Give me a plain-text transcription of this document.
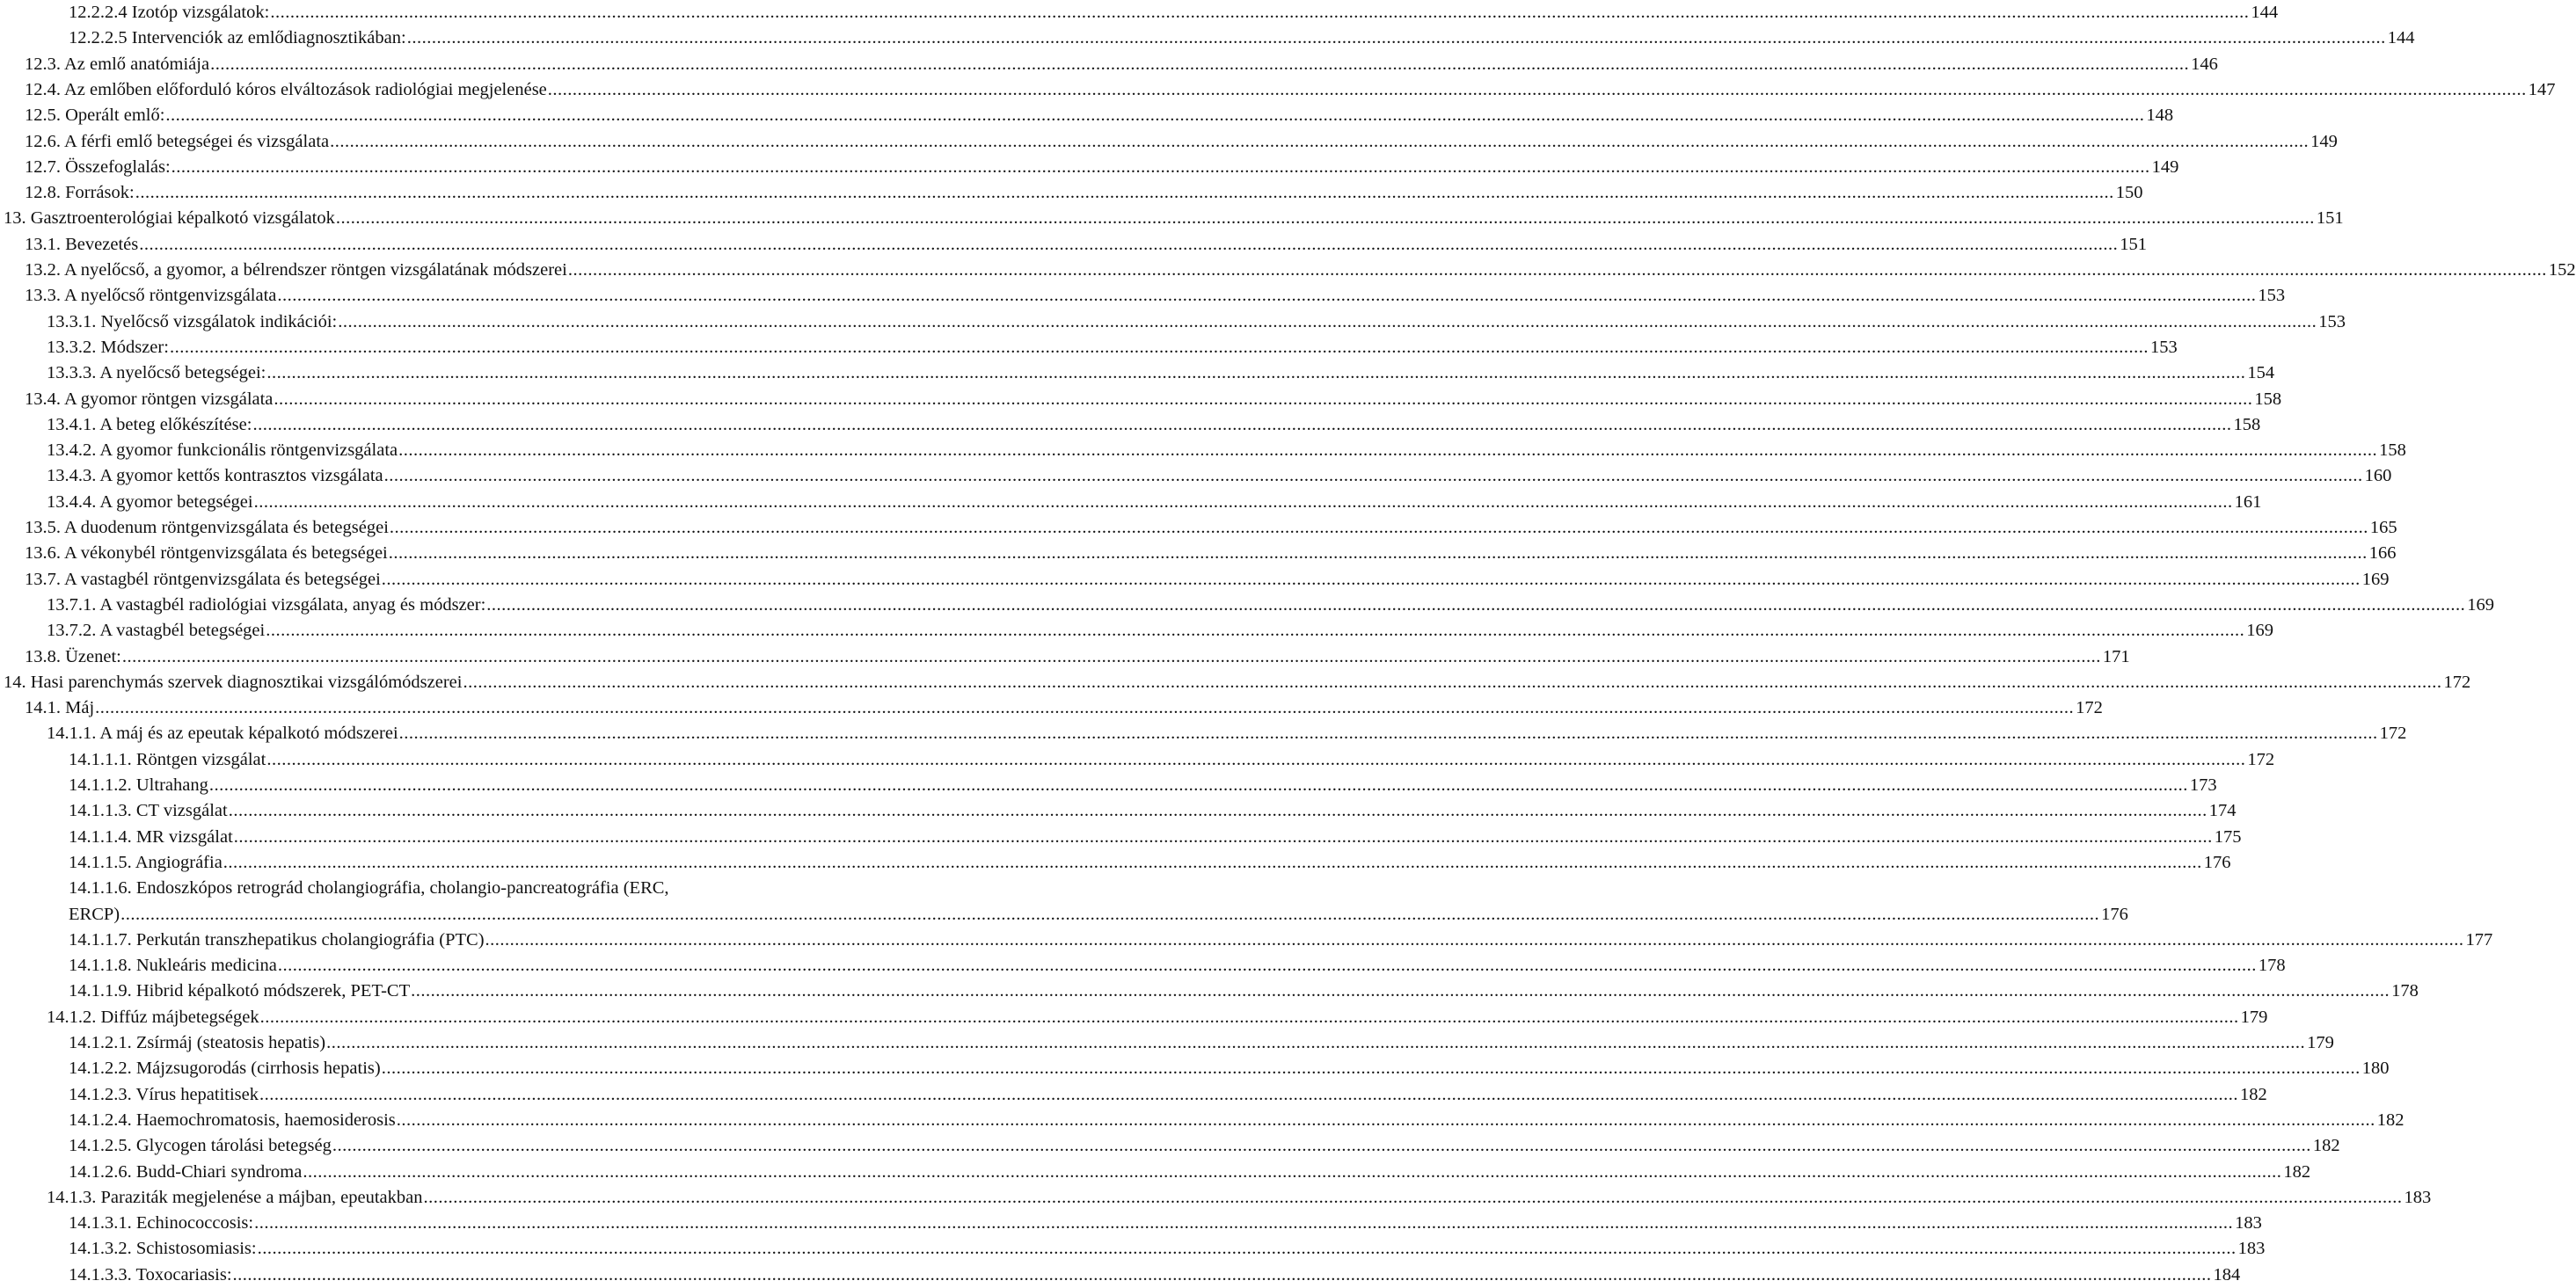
12.2.2.4 Izotóp vizsgálatok: ................................................................................................................................................................................................................................................................................................................................................................................................................ 144
12.2.2.5 Intervenciók az emlődiagnosztikában: ................................................................................................................................................................................................................................................................................................................................................................................................................ 144
12.3. Az emlő anatómiája ................................................................................................................................................................................................................................................................................................................................................................................................................ 146
12.4. Az emlőben előforduló kóros elváltozások radiológiai megjelenése ................................................................................................................................................................................................................................................................................................................................................................................................................ 147
12.5. Operált emlő: ................................................................................................................................................................................................................................................................................................................................................................................................................ 148
12.6. A férfi emlő betegségei és vizsgálata ................................................................................................................................................................................................................................................................................................................................................................................................................ 149
12.7. Összefoglalás: ................................................................................................................................................................................................................................................................................................................................................................................................................ 149
12.8. Források: ................................................................................................................................................................................................................................................................................................................................................................................................................ 150
13. Gasztroenterológiai képalkotó vizsgálatok ................................................................................................................................................................................................................................................................................................................................................................................................................ 151
13.1. Bevezetés ................................................................................................................................................................................................................................................................................................................................................................................................................ 151
13.2. A nyelőcső, a gyomor, a bélrendszer röntgen vizsgálatának módszerei ................................................................................................................................................................................................................................................................................................................................................................................................................ 152
13.3. A nyelőcső röntgenvizsgálata ................................................................................................................................................................................................................................................................................................................................................................................................................ 153
13.3.1. Nyelőcső vizsgálatok indikációi: ................................................................................................................................................................................................................................................................................................................................................................................................................ 153
13.3.2. Módszer: ................................................................................................................................................................................................................................................................................................................................................................................................................ 153
13.3.3. A nyelőcső betegségei: ................................................................................................................................................................................................................................................................................................................................................................................................................ 154
13.4. A gyomor röntgen vizsgálata ................................................................................................................................................................................................................................................................................................................................................................................................................ 158
13.4.1. A beteg előkészítése: ................................................................................................................................................................................................................................................................................................................................................................................................................ 158
13.4.2. A gyomor funkcionális röntgenvizsgálata ................................................................................................................................................................................................................................................................................................................................................................................................................ 158
13.4.3. A gyomor kettős kontrasztos vizsgálata ................................................................................................................................................................................................................................................................................................................................................................................................................ 160
13.4.4. A gyomor betegségei ................................................................................................................................................................................................................................................................................................................................................................................................................ 161
13.5. A duodenum röntgenvizsgálata és betegségei ................................................................................................................................................................................................................................................................................................................................................................................................................ 165
13.6. A vékonybél röntgenvizsgálata és betegségei ................................................................................................................................................................................................................................................................................................................................................................................................................ 166
13.7. A vastagbél röntgenvizsgálata és betegségei ................................................................................................................................................................................................................................................................................................................................................................................................................ 169
13.7.1. A vastagbél radiológiai vizsgálata, anyag és módszer: ................................................................................................................................................................................................................................................................................................................................................................................................................ 169
13.7.2. A vastagbél betegségei ................................................................................................................................................................................................................................................................................................................................................................................................................ 169
13.8. Üzenet: ................................................................................................................................................................................................................................................................................................................................................................................................................ 171
14. Hasi parenchymás szervek diagnosztikai vizsgálómódszerei ................................................................................................................................................................................................................................................................................................................................................................................................................ 172
14.1. Máj ................................................................................................................................................................................................................................................................................................................................................................................................................ 172
14.1.1. A máj és az epeutak képalkotó módszerei ................................................................................................................................................................................................................................................................................................................................................................................................................ 172
14.1.1.1. Röntgen vizsgálat ................................................................................................................................................................................................................................................................................................................................................................................................................ 172
14.1.1.2. Ultrahang ................................................................................................................................................................................................................................................................................................................................................................................................................ 173
14.1.1.3. CT vizsgálat ................................................................................................................................................................................................................................................................................................................................................................................................................ 174
14.1.1.4. MR vizsgálat ................................................................................................................................................................................................................................................................................................................................................................................................................ 175
14.1.1.5. Angiográfia ................................................................................................................................................................................................................................................................................................................................................................................................................ 176
14.1.1.6. Endoszkópos retrográd cholangiográfia, cholangio-pancreatográfia (ERC,
ERCP) ................................................................................................................................................................................................................................................................................................................................................................................................................ 176
14.1.1.7. Perkután transzhepatikus cholangiográfia (PTC) ................................................................................................................................................................................................................................................................................................................................................................................................................ 177
14.1.1.8. Nukleáris medicina ................................................................................................................................................................................................................................................................................................................................................................................................................ 178
14.1.1.9. Hibrid képalkotó módszerek, PET-CT ................................................................................................................................................................................................................................................................................................................................................................................................................ 178
14.1.2. Diffúz májbetegségek ................................................................................................................................................................................................................................................................................................................................................................................................................ 179
14.1.2.1. Zsírmáj (steatosis hepatis) ................................................................................................................................................................................................................................................................................................................................................................................................................ 179
14.1.2.2. Májzsugorodás (cirrhosis hepatis) ................................................................................................................................................................................................................................................................................................................................................................................................................ 180
14.1.2.3. Vírus hepatitisek ................................................................................................................................................................................................................................................................................................................................................................................................................ 182
14.1.2.4. Haemochromatosis, haemosiderosis ................................................................................................................................................................................................................................................................................................................................................................................................................ 182
14.1.2.5. Glycogen tárolási betegség ................................................................................................................................................................................................................................................................................................................................................................................................................ 182
14.1.2.6. Budd-Chiari syndroma ................................................................................................................................................................................................................................................................................................................................................................................................................ 182
14.1.3. Paraziták megjelenése a májban, epeutakban ................................................................................................................................................................................................................................................................................................................................................................................................................ 183
14.1.3.1. Echinococcosis: ................................................................................................................................................................................................................................................................................................................................................................................................................ 183
14.1.3.2. Schistosomiasis: ................................................................................................................................................................................................................................................................................................................................................................................................................ 183
14.1.3.3. Toxocariasis: ................................................................................................................................................................................................................................................................................................................................................................................................................ 184
